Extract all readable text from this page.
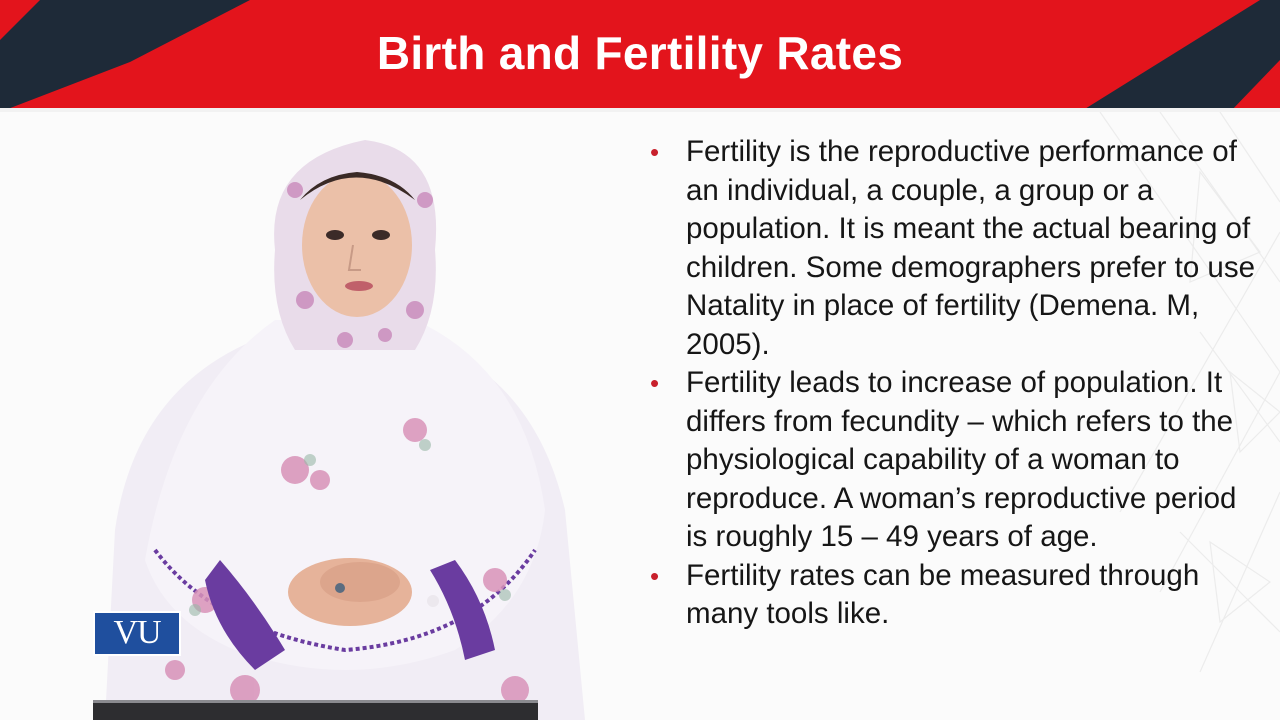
Birth and Fertility Rates
VU
• Fertility is the reproductive performance of an individual, a couple, a group or a population. It is meant the actual bearing of children. Some demographers prefer to use Natality in place of fertility (Demena. M, 2005).
• Fertility leads to increase of population. It differs from fecundity – which refers to the physiological capability of a woman to reproduce. A woman’s reproductive period is roughly 15 – 49 years of age.
• Fertility rates can be measured through many tools like.
